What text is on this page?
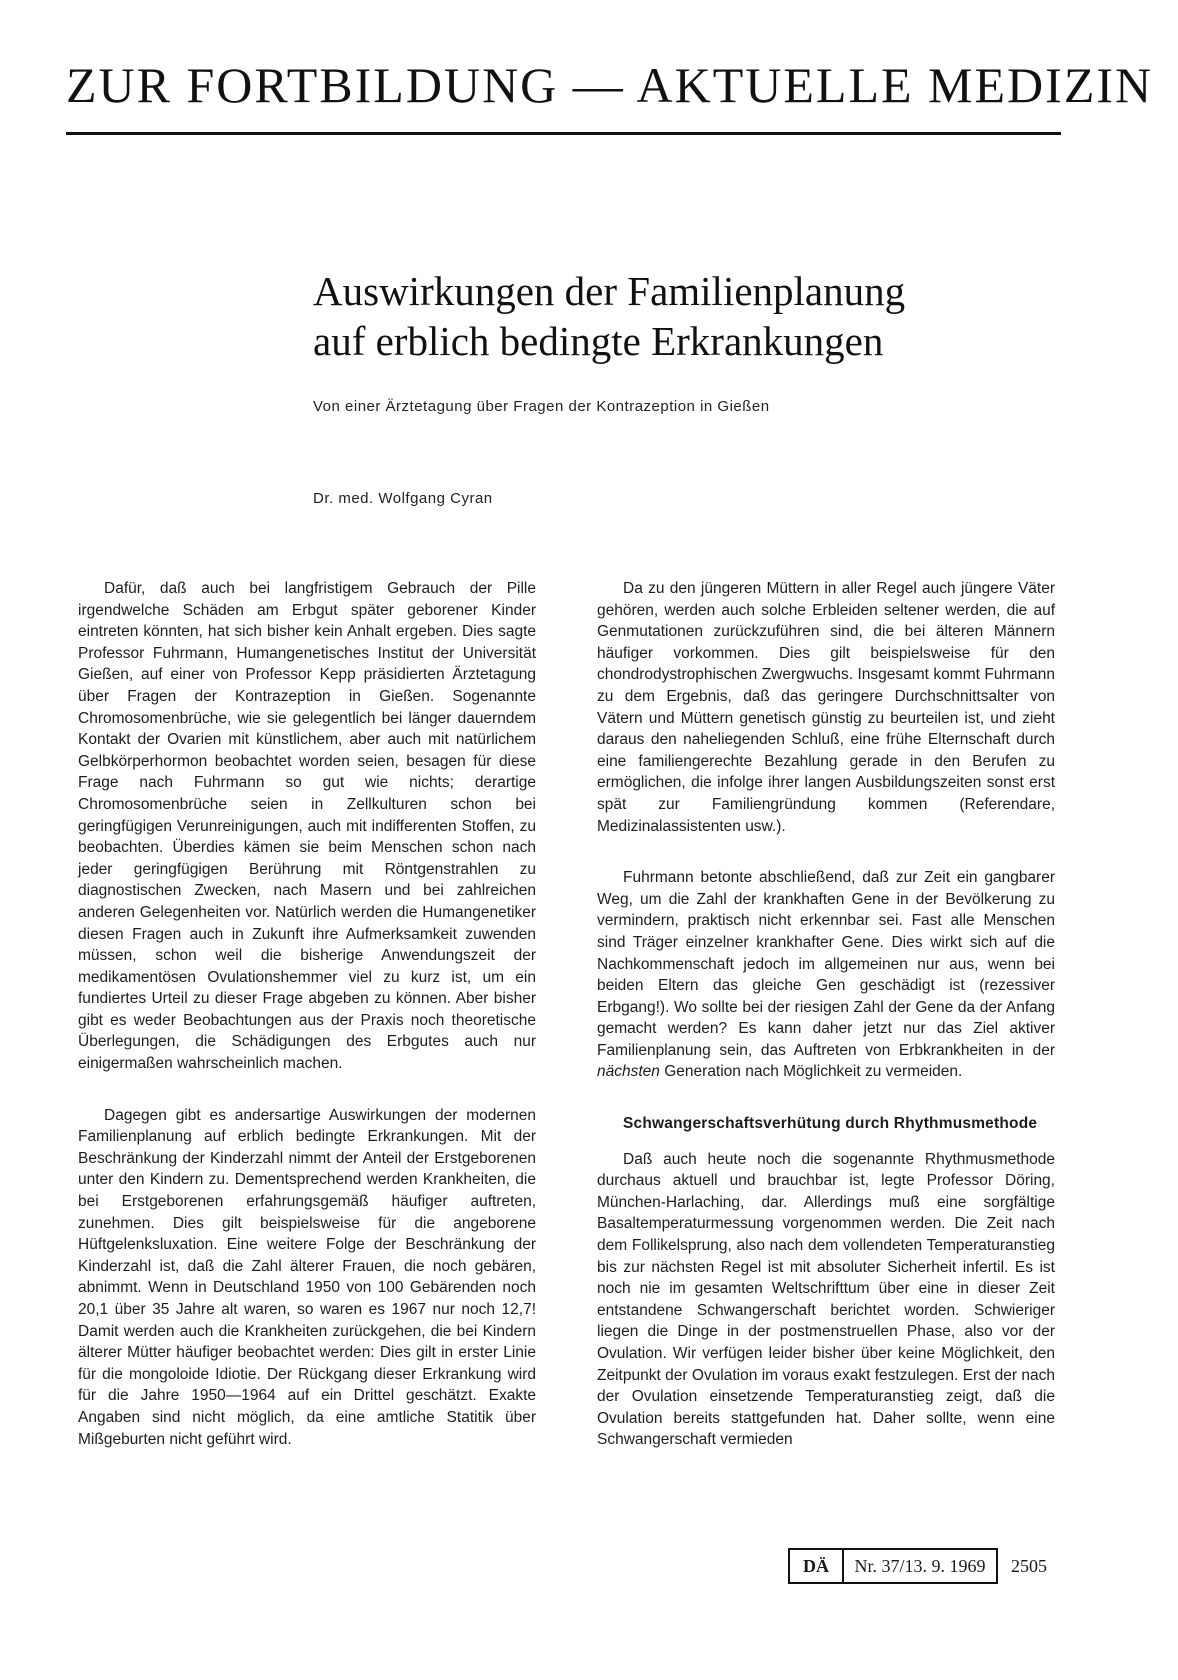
ZUR FORTBILDUNG — AKTUELLE MEDIZIN
Auswirkungen der Familienplanung
auf erblich bedingte Erkrankungen
Von einer Ärztetagung über Fragen der Kontrazeption in Gießen
Dr. med. Wolfgang Cyran

Dafür, daß auch bei langfristigem Gebrauch der Pille irgendwelche Schäden am Erbgut später geborener Kinder eintreten könnten, hat sich bisher kein Anhalt ergeben. Dies sagte Professor Fuhrmann, Humangenetisches Institut der Universität Gießen, auf einer von Professor Kepp präsidierten Ärztetagung über Fragen der Kontrazeption in Gießen. Sogenannte Chromosomenbrüche, wie sie gelegentlich bei länger dauerndem Kontakt der Ovarien mit künstlichem, aber auch mit natürlichem Gelbkörperhormon beobachtet worden seien, besagen für diese Frage nach Fuhrmann so gut wie nichts; derartige Chromosomenbrüche seien in Zellkulturen schon bei geringfügigen Verunreinigungen, auch mit indifferenten Stoffen, zu beobachten. Überdies kämen sie beim Menschen schon nach jeder geringfügigen Berührung mit Röntgenstrahlen zu diagnostischen Zwecken, nach Masern und bei zahlreichen anderen Gelegenheiten vor. Natürlich werden die Humangenetiker diesen Fragen auch in Zukunft ihre Aufmerksamkeit zuwenden müssen, schon weil die bisherige Anwendungszeit der medikamentösen Ovulationshemmer viel zu kurz ist, um ein fundiertes Urteil zu dieser Frage abgeben zu können. Aber bisher gibt es weder Beobachtungen aus der Praxis noch theoretische Überlegungen, die Schädigungen des Erbgutes auch nur einigermaßen wahrscheinlich machen.

Dagegen gibt es andersartige Auswirkungen der modernen Familienplanung auf erblich bedingte Erkrankungen. Mit der Beschränkung der Kinderzahl nimmt der Anteil der Erstgeborenen unter den Kindern zu. Dementsprechend werden Krankheiten, die bei Erstgeborenen erfahrungsgemäß häufiger auftreten, zunehmen. Dies gilt beispielsweise für die angeborene Hüftgelenksluxation. Eine weitere Folge der Beschränkung der Kinderzahl ist, daß die Zahl älterer Frauen, die noch gebären, abnimmt. Wenn in Deutschland 1950 von 100 Gebärenden noch 20,1 über 35 Jahre alt waren, so waren es 1967 nur noch 12,7! Damit werden auch die Krankheiten zurückgehen, die bei Kindern älterer Mütter häufiger beobachtet werden: Dies gilt in erster Linie für die mongoloide Idiotie. Der Rückgang dieser Erkrankung wird für die Jahre 1950—1964 auf ein Drittel geschätzt. Exakte Angaben sind nicht möglich, da eine amtliche Statitik über Mißgeburten nicht geführt wird.

Da zu den jüngeren Müttern in aller Regel auch jüngere Väter gehören, werden auch solche Erbleiden seltener werden, die auf Genmutationen zurückzuführen sind, die bei älteren Männern häufiger vorkommen. Dies gilt beispielsweise für den chondrodystrophischen Zwergwuchs. Insgesamt kommt Fuhrmann zu dem Ergebnis, daß das geringere Durchschnittsalter von Vätern und Müttern genetisch günstig zu beurteilen ist, und zieht daraus den naheliegenden Schluß, eine frühe Elternschaft durch eine familiengerechte Bezahlung gerade in den Berufen zu ermöglichen, die infolge ihrer langen Ausbildungszeiten sonst erst spät zur Familiengründung kommen (Referendare, Medizinalassistenten usw.).

Fuhrmann betonte abschließend, daß zur Zeit ein gangbarer Weg, um die Zahl der krankhaften Gene in der Bevölkerung zu vermindern, praktisch nicht erkennbar sei. Fast alle Menschen sind Träger einzelner krankhafter Gene. Dies wirkt sich auf die Nachkommenschaft jedoch im allgemeinen nur aus, wenn bei beiden Eltern das gleiche Gen geschädigt ist (rezessiver Erbgang!). Wo sollte bei der riesigen Zahl der Gene da der Anfang gemacht werden? Es kann daher jetzt nur das Ziel aktiver Familienplanung sein, das Auftreten von Erbkrankheiten in der nächsten Generation nach Möglichkeit zu vermeiden.

Schwangerschaftsverhütung durch Rhythmusmethode

Daß auch heute noch die sogenannte Rhythmusmethode durchaus aktuell und brauchbar ist, legte Professor Döring, München-Harlaching, dar. Allerdings muß eine sorgfältige Basaltemperaturmessung vorgenommen werden. Die Zeit nach dem Follikelsprung, also nach dem vollendeten Temperaturanstieg bis zur nächsten Regel ist mit absoluter Sicherheit infertil. Es ist noch nie im gesamten Weltschrifttum über eine in dieser Zeit entstandene Schwangerschaft berichtet worden. Schwieriger liegen die Dinge in der postmenstruellen Phase, also vor der Ovulation. Wir verfügen leider bisher über keine Möglichkeit, den Zeitpunkt der Ovulation im voraus exakt festzulegen. Erst der nach der Ovulation einsetzende Temperaturanstieg zeigt, daß die Ovulation bereits stattgefunden hat. Daher sollte, wenn eine Schwangerschaft vermieden

DÄ	Nr. 37/13. 9. 1969	2505
